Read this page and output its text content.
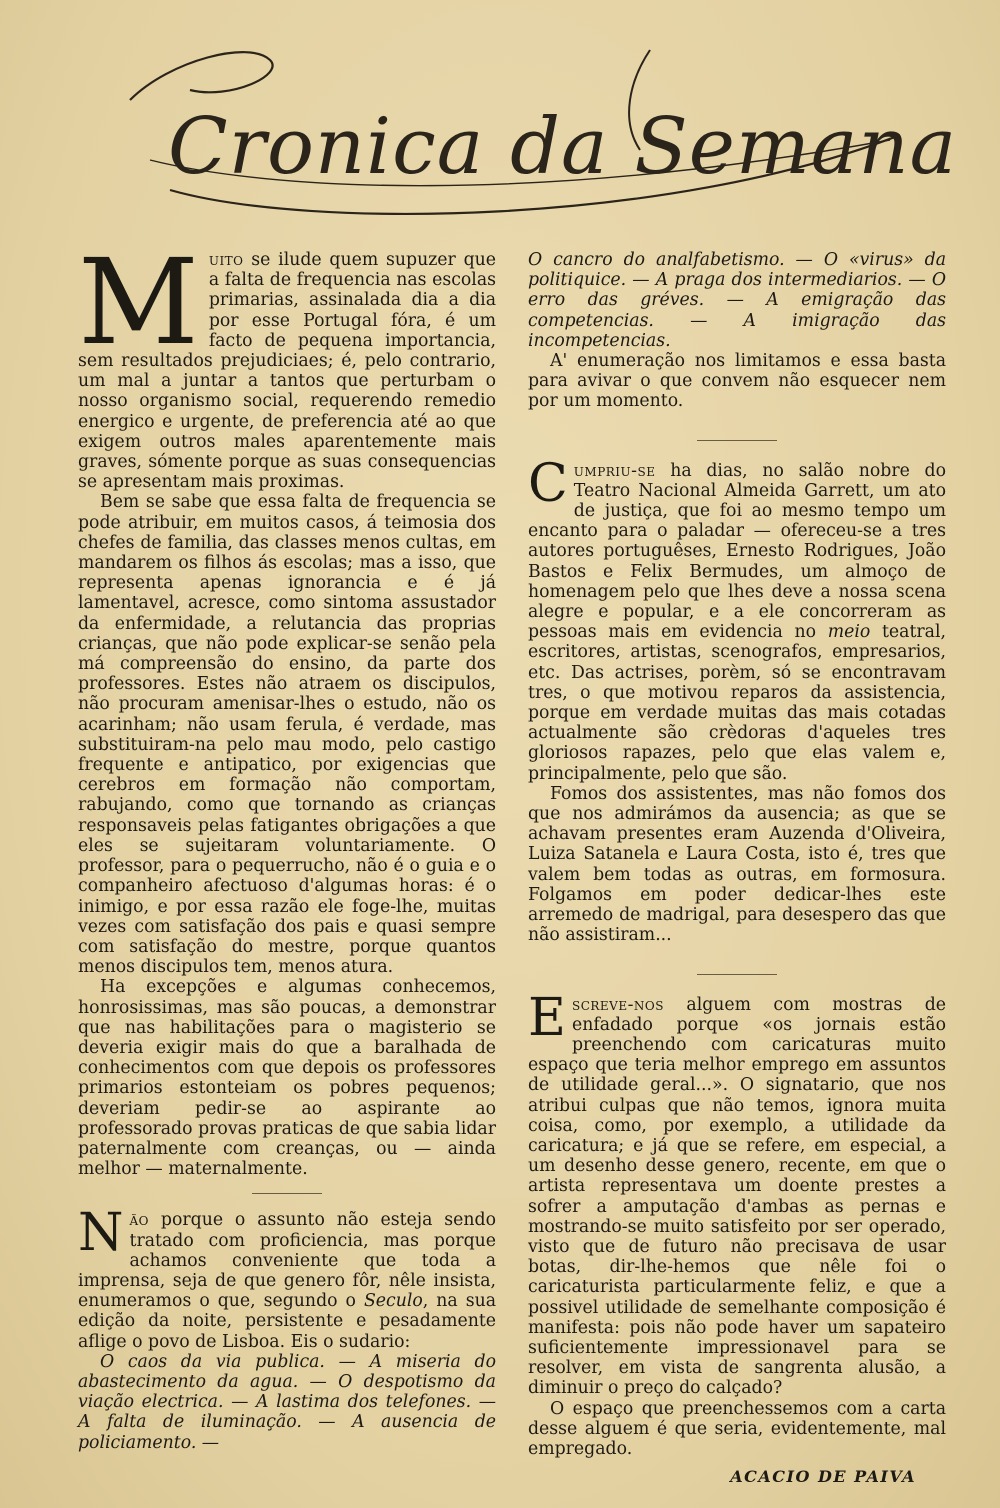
Cronica da Semana
M uito se ilude quem supuzer que a falta de frequencia nas escolas primarias, assinalada dia a dia por esse Portugal fóra, é um facto de pequena importancia, sem resultados prejudiciaes; é, pelo contrario, um mal a juntar a tantos que perturbam o nosso organismo social, requerendo remedio energico e urgente, de preferencia até ao que exigem outros males aparentemente mais graves, sómente porque as suas consequencias se apresentam mais proximas.

Bem se sabe que essa falta de frequencia se pode atribuir, em muitos casos, á teimosia dos chefes de familia, das classes menos cultas, em mandarem os filhos ás escolas; mas a isso, que representa apenas ignorancia e é já lamentavel, acresce, como sintoma assustador da enfermidade, a relutancia das proprias crianças, que não pode explicar-se senão pela má compreensão do ensino, da parte dos professores. Estes não atraem os discipulos, não procuram amenisar-lhes o estudo, não os acarinham; não usam ferula, é verdade, mas substituiram-na pelo mau modo, pelo castigo frequente e antipatico, por exigencias que cerebros em formação não comportam, rabujando, como que tornando as crianças responsaveis pelas fatigantes obrigações a que eles se sujeitaram voluntariamente. O professor, para o pequerrucho, não é o guia e o companheiro afectuoso d'algumas horas: é o inimigo, e por essa razão ele foge-lhe, muitas vezes com satisfação dos pais e quasi sempre com satisfação do mestre, porque quantos menos discipulos tem, menos atura.

Ha excepções e algumas conhecemos, honrosissimas, mas são poucas, a demonstrar que nas habilitações para o magisterio se deveria exigir mais do que a baralhada de conhecimentos com que depois os professores primarios estonteiam os pobres pequenos; deveriam pedir-se ao aspirante ao professorado provas praticas de que sabia lidar paternalmente com creanças, ou — ainda melhor — maternalmente.

N ão porque o assunto não esteja sendo tratado com proficiencia, mas porque achamos conveniente que toda a imprensa, seja de que genero fôr, nêle insista, enumeramos o que, segundo o Seculo, na sua edição da noite, persistente e pesadamente aflige o povo de Lisboa. Eis o sudario:

O caos da via publica. — A miseria do abastecimento da agua. — O despotismo da viação electrica. — A lastima dos telefones. — A falta de iluminação. — A ausencia de policiamento. —

O cancro do analfabetismo. — O «virus» da politiquice. — A praga dos intermediarios. — O erro das gréves. — A emigração das competencias. — A imigração das incompetencias.

A' enumeração nos limitamos e essa basta para avivar o que convem não esquecer nem por um momento.

C umpriu-se ha dias, no salão nobre do Teatro Nacional Almeida Garrett, um ato de justiça, que foi ao mesmo tempo um encanto para o paladar — ofereceu-se a tres autores portuguêses, Ernesto Rodrigues, João Bastos e Felix Bermudes, um almoço de homenagem pelo que lhes deve a nossa scena alegre e popular, e a ele concorreram as pessoas mais em evidencia no meio teatral, escritores, artistas, scenografos, empresarios, etc. Das actrises, porèm, só se encontravam tres, o que motivou reparos da assistencia, porque em verdade muitas das mais cotadas actualmente são crèdoras d'aqueles tres gloriosos rapazes, pelo que elas valem e, principalmente, pelo que são.

Fomos dos assistentes, mas não fomos dos que nos admirámos da ausencia; as que se achavam presentes eram Auzenda d'Oliveira, Luiza Satanela e Laura Costa, isto é, tres que valem bem todas as outras, em formosura. Folgamos em poder dedicar-lhes este arremedo de madrigal, para desespero das que não assistiram...

E screve-nos alguem com mostras de enfadado porque «os jornais estão preenchendo com caricaturas muito espaço que teria melhor emprego em assuntos de utilidade geral...». O signatario, que nos atribui culpas que não temos, ignora muita coisa, como, por exemplo, a utilidade da caricatura; e já que se refere, em especial, a um desenho desse genero, recente, em que o artista representava um doente prestes a sofrer a amputação d'ambas as pernas e mostrando-se muito satisfeito por ser operado, visto que de futuro não precisava de usar botas, dir-lhe-hemos que nêle foi o caricaturista particularmente feliz, e que a possivel utilidade de semelhante composição é manifesta: pois não pode haver um sapateiro suficientemente impressionavel para se resolver, em vista de sangrenta alusão, a diminuir o preço do calçado?

O espaço que preenchessemos com a carta desse alguem é que seria, evidentemente, mal empregado.

ACACIO DE PAIVA
